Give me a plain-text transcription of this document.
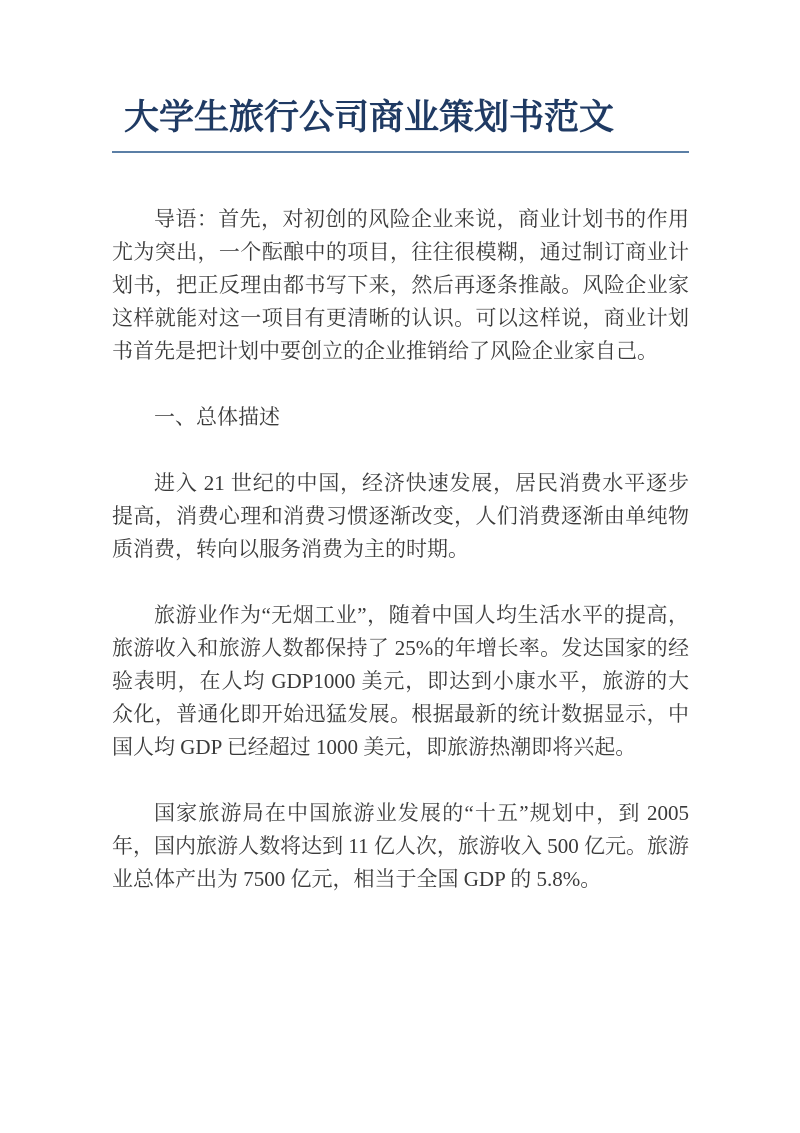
大学生旅行公司商业策划书范文

导语：首先，对初创的风险企业来说，商业计划书的作用尤为突出，一个酝酿中的项目，往往很模糊，通过制订商业计划书，把正反理由都书写下来，然后再逐条推敲。风险企业家这样就能对这一项目有更清晰的认识。可以这样说，商业计划书首先是把计划中要创立的企业推销给了风险企业家自己。

一、总体描述

进入 21 世纪的中国，经济快速发展，居民消费水平逐步提高，消费心理和消费习惯逐渐改变，人们消费逐渐由单纯物质消费，转向以服务消费为主的时期。

旅游业作为“无烟工业”，随着中国人均生活水平的提高，旅游收入和旅游人数都保持了 25%的年增长率。发达国家的经验表明，在人均 GDP1000 美元，即达到小康水平，旅游的大众化，普通化即开始迅猛发展。根据最新的统计数据显示，中国人均 GDP 已经超过 1000 美元，即旅游热潮即将兴起。

国家旅游局在中国旅游业发展的“十五”规划中，到 2005 年，国内旅游人数将达到 11 亿人次，旅游收入 500 亿元。旅游业总体产出为 7500 亿元，相当于全国 GDP 的 5.8%。
